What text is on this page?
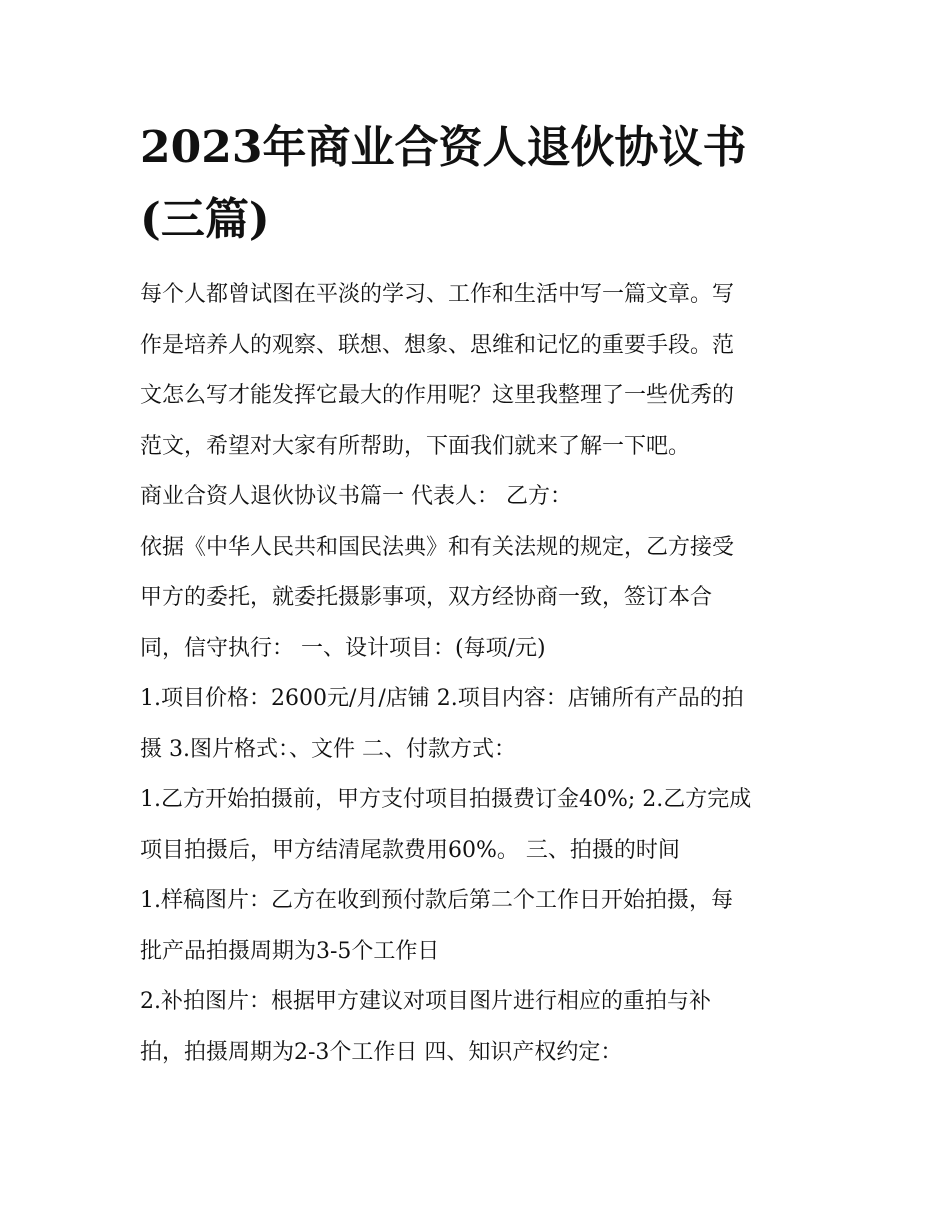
2023年商业合资人退伙协议书
(三篇)
每个人都曾试图在平淡的学习、工作和生活中写一篇文章。写
作是培养人的观察、联想、想象、思维和记忆的重要手段。范
文怎么写才能发挥它最大的作用呢？这里我整理了一些优秀的
范文，希望对大家有所帮助，下面我们就来了解一下吧。
商业合资人退伙协议书篇一 代表人： 乙方：
依据《中华人民共和国民法典》和有关法规的规定，乙方接受
甲方的委托，就委托摄影事项，双方经协商一致，签订本合
同，信守执行： 一、设计项目：(每项/元)
1.项目价格：2600元/月/店铺 2.项目内容：店铺所有产品的拍
摄 3.图片格式：、文件 二、付款方式：
1.乙方开始拍摄前，甲方支付项目拍摄费订金40%; 2.乙方完成
项目拍摄后，甲方结清尾款费用60%。 三、拍摄的时间
1.样稿图片：乙方在收到预付款后第二个工作日开始拍摄，每
批产品拍摄周期为3-5个工作日
2.补拍图片：根据甲方建议对项目图片进行相应的重拍与补
拍，拍摄周期为2-3个工作日 四、知识产权约定：
